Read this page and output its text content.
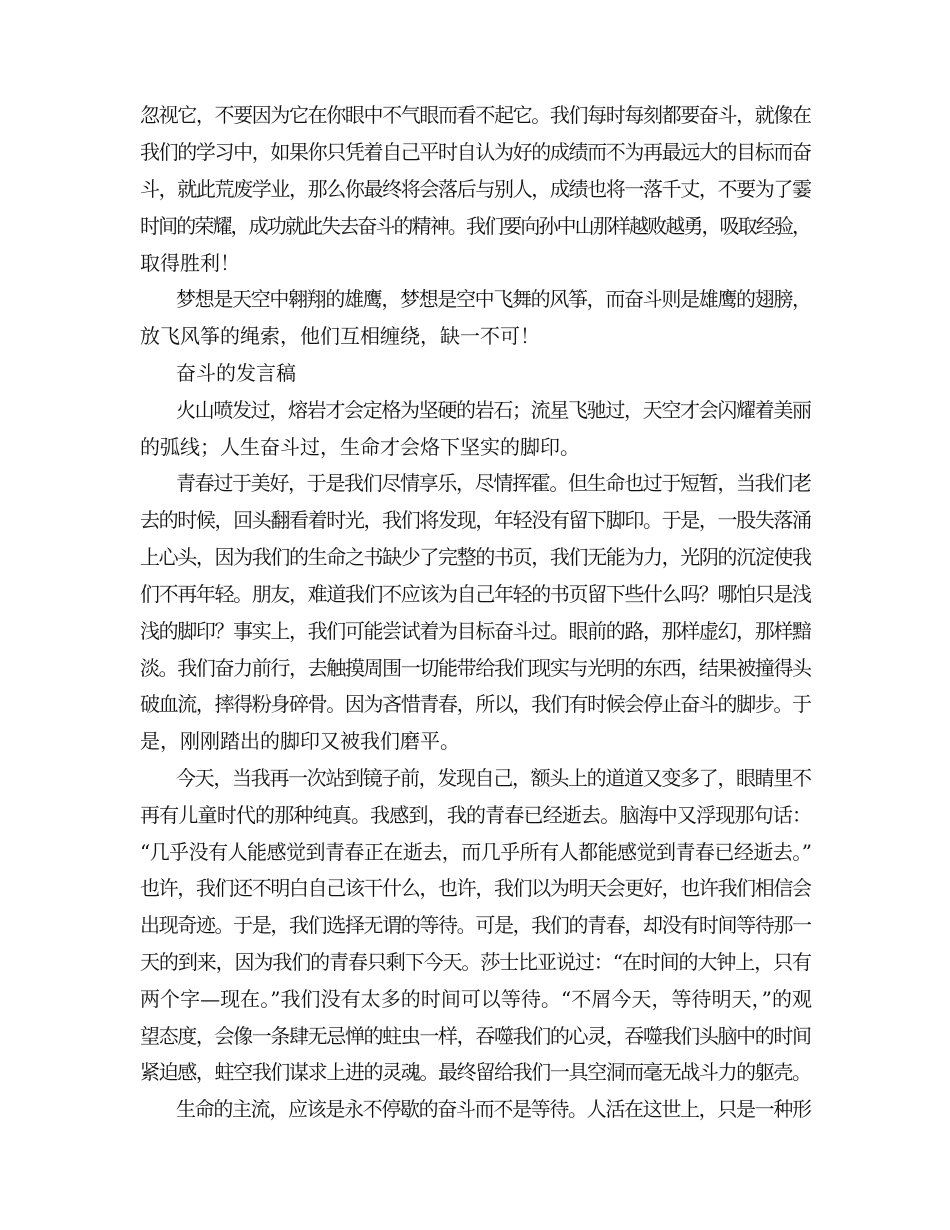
忽视它，不要因为它在你眼中不气眼而看不起它。我们每时每刻都要奋斗，就像在
我们的学习中，如果你只凭着自己平时自认为好的成绩而不为再最远大的目标而奋
斗，就此荒废学业，那么你最终将会落后与别人，成绩也将一落千丈，不要为了霎
时间的荣耀，成功就此失去奋斗的精神。我们要向孙中山那样越败越勇，吸取经验，
取得胜利！
梦想是天空中翱翔的雄鹰，梦想是空中飞舞的风筝，而奋斗则是雄鹰的翅膀，
放飞风筝的绳索，他们互相缠绕，缺一不可！
奋斗的发言稿
火山喷发过，熔岩才会定格为坚硬的岩石；流星飞驰过，天空才会闪耀着美丽
的弧线；人生奋斗过，生命才会烙下坚实的脚印。
青春过于美好，于是我们尽情享乐，尽情挥霍。但生命也过于短暂，当我们老
去的时候，回头翻看着时光，我们将发现，年轻没有留下脚印。于是，一股失落涌
上心头，因为我们的生命之书缺少了完整的书页，我们无能为力，光阴的沉淀使我
们不再年轻。朋友，难道我们不应该为自己年轻的书页留下些什么吗？哪怕只是浅
浅的脚印？事实上，我们可能尝试着为目标奋斗过。眼前的路，那样虚幻，那样黯
淡。我们奋力前行，去触摸周围一切能带给我们现实与光明的东西，结果被撞得头
破血流，摔得粉身碎骨。因为吝惜青春，所以，我们有时候会停止奋斗的脚步。于
是，刚刚踏出的脚印又被我们磨平。
今天，当我再一次站到镜子前，发现自己，额头上的道道又变多了，眼睛里不
再有儿童时代的那种纯真。我感到，我的青春已经逝去。脑海中又浮现那句话：
“几乎没有人能感觉到青春正在逝去，而几乎所有人都能感觉到青春已经逝去。”
也许，我们还不明白自己该干什么，也许，我们以为明天会更好，也许我们相信会
出现奇迹。于是，我们选择无谓的等待。可是，我们的青春，却没有时间等待那一
天的到来，因为我们的青春只剩下今天。莎士比亚说过：“在时间的大钟上，只有
两个字—现在。”我们没有太多的时间可以等待。“不屑今天，等待明天，”的观
望态度，会像一条肆无忌惮的蛀虫一样，吞噬我们的心灵，吞噬我们头脑中的时间
紧迫感，蛀空我们谋求上进的灵魂。最终留给我们一具空洞而毫无战斗力的躯壳。
生命的主流，应该是永不停歇的奋斗而不是等待。人活在这世上，只是一种形
